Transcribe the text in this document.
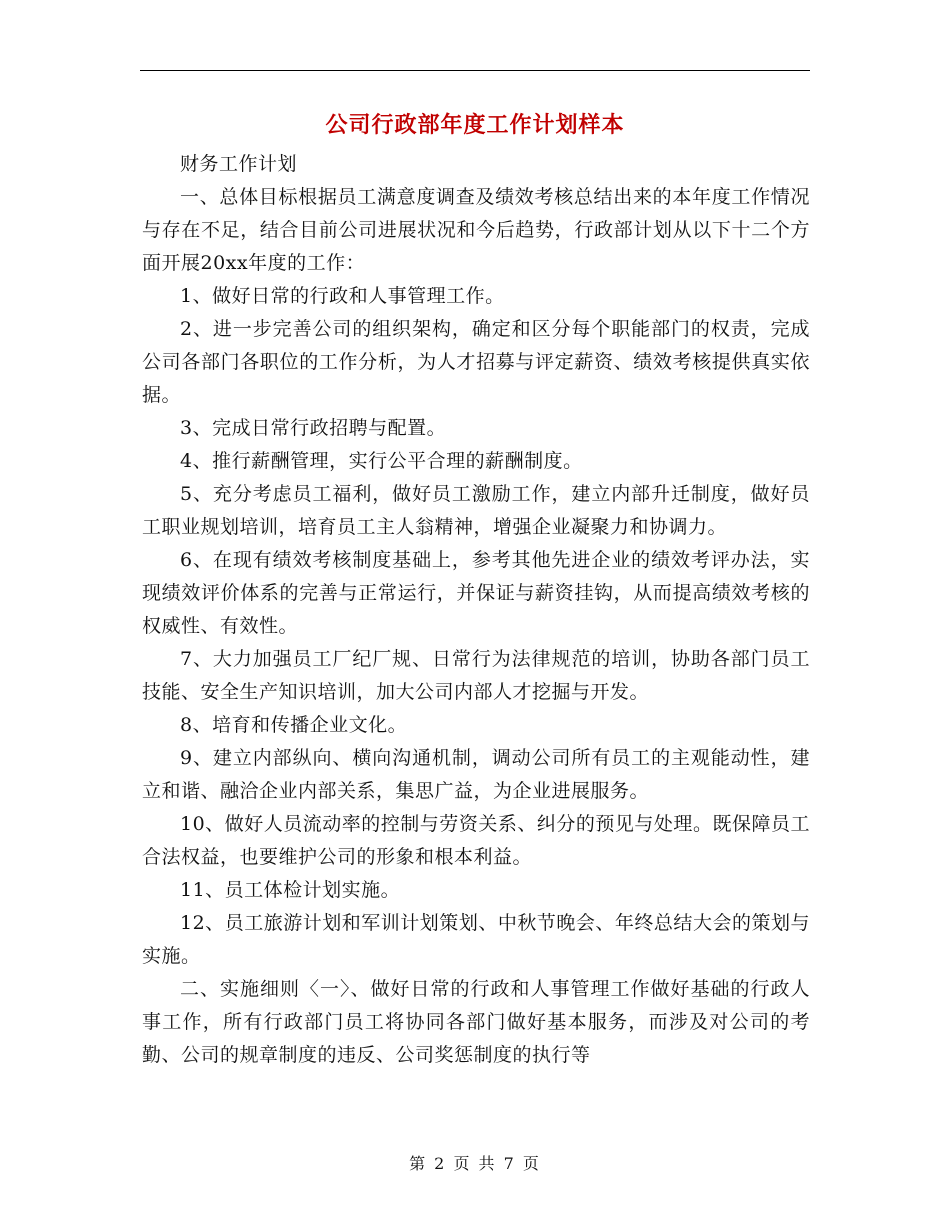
公司行政部年度工作计划样本

财务工作计划

一、总体目标根据员工满意度调查及绩效考核总结出来的本年度工作情况与存在不足，结合目前公司进展状况和今后趋势，行政部计划从以下十二个方面开展20xx年度的工作：

1、做好日常的行政和人事管理工作。

2、进一步完善公司的组织架构，确定和区分每个职能部门的权责，完成公司各部门各职位的工作分析，为人才招募与评定薪资、绩效考核提供真实依据。

3、完成日常行政招聘与配置。

4、推行薪酬管理，实行公平合理的薪酬制度。

5、充分考虑员工福利，做好员工激励工作，建立内部升迁制度，做好员工职业规划培训，培育员工主人翁精神，增强企业凝聚力和协调力。

6、在现有绩效考核制度基础上，参考其他先进企业的绩效考评办法，实现绩效评价体系的完善与正常运行，并保证与薪资挂钩，从而提高绩效考核的权威性、有效性。

7、大力加强员工厂纪厂规、日常行为法律规范的培训，协助各部门员工技能、安全生产知识培训，加大公司内部人才挖掘与开发。

8、培育和传播企业文化。

9、建立内部纵向、横向沟通机制，调动公司所有员工的主观能动性，建立和谐、融洽企业内部关系，集思广益，为企业进展服务。

10、做好人员流动率的控制与劳资关系、纠分的预见与处理。既保障员工合法权益，也要维护公司的形象和根本利益。

11、员工体检计划实施。

12、员工旅游计划和军训计划策划、中秋节晚会、年终总结大会的策划与实施。

二、实施细则〈一〉、做好日常的行政和人事管理工作做好基础的行政人事工作，所有行政部门员工将协同各部门做好基本服务，而涉及对公司的考勤、公司的规章制度的违反、公司奖惩制度的执行等

第 2 页 共 7 页
